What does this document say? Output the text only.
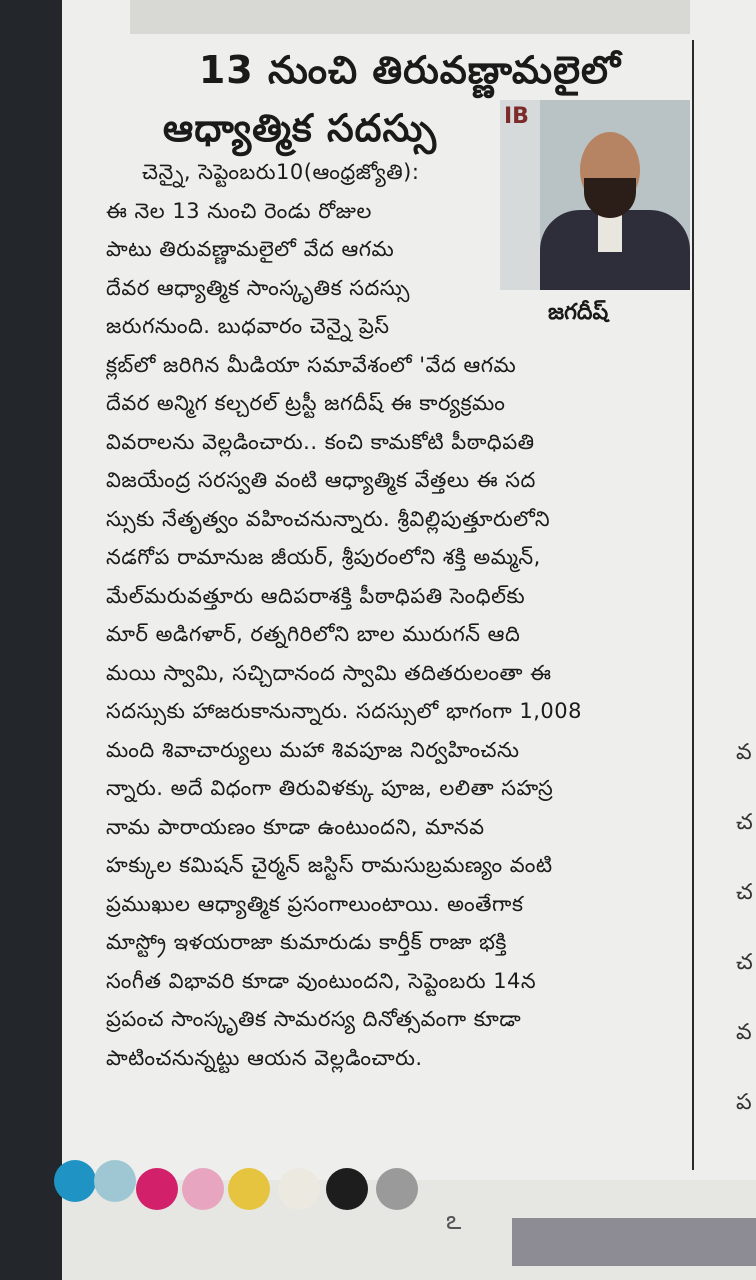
13 నుంచి తిరువణ్ణామలైలో
ఆధ్యాత్మిక సదస్సు	IB
జగదీష్
చెన్నై, సెప్టెంబరు10(ఆంధ్రజ్యోతి):
ఈ నెల 13 నుంచి రెండు రోజుల
పాటు తిరువణ్ణామలైలో వేద ఆగమ
దేవర ఆధ్యాత్మిక సాంస్కృతిక సదస్సు
జరుగనుంది. బుధవారం చెన్నై ప్రెస్
క్లబ్‌లో జరిగిన మీడియా సమావేశంలో 'వేద ఆగమ
దేవర అన్మిగ కల్చరల్ ట్రస్టీ జగదీష్ ఈ కార్యక్రమం
వివరాలను వెల్లడించారు.. కంచి కామకోటి పీఠాధిపతి
విజయేంద్ర సరస్వతి వంటి ఆధ్యాత్మిక వేత్తలు ఈ సద
స్సుకు నేతృత్వం వహించనున్నారు. శ్రీవిల్లిపుత్తూరులోని
నడగోప రామానుజ జీయర్, శ్రీపురంలోని శక్తి అమ్మన్,
మేల్‌మరువత్తూరు ఆదిపరాశక్తి పీఠాధిపతి సెంధిల్‌కు
మార్ అడిగళార్, రత్నగిరిలోని బాల మురుగన్ ఆది
మయి స్వామి, సచ్చిదానంద స్వామి తదితరులంతా ఈ
సదస్సుకు హాజరుకానున్నారు. సదస్సులో భాగంగా 1,008
మంది శివాచార్యులు మహా శివపూజ నిర్వహించను
న్నారు. అదే విధంగా తిరువిళక్కు పూజ, లలితా సహస్ర
నామ పారాయణం కూడా ఉంటుందని, మానవ
హక్కుల కమిషన్ చైర్మన్ జస్టిస్ రామసుబ్రమణ్యం వంటి
ప్రముఖుల ఆధ్యాత్మిక ప్రసంగాలుంటాయి. అంతేగాక
మాస్ట్రో ఇళయరాజా కుమారుడు కార్తీక్ రాజా భక్తి
సంగీత విభావరి కూడా వుంటుందని, సెప్టెంబరు 14న
ప్రపంచ సాంస్కృతిక సామరస్య దినోత్సవంగా కూడా
పాటించనున్నట్టు ఆయన వెల్లడించారు.
వ
చ
చ
చ
వ
ప
ఽ
